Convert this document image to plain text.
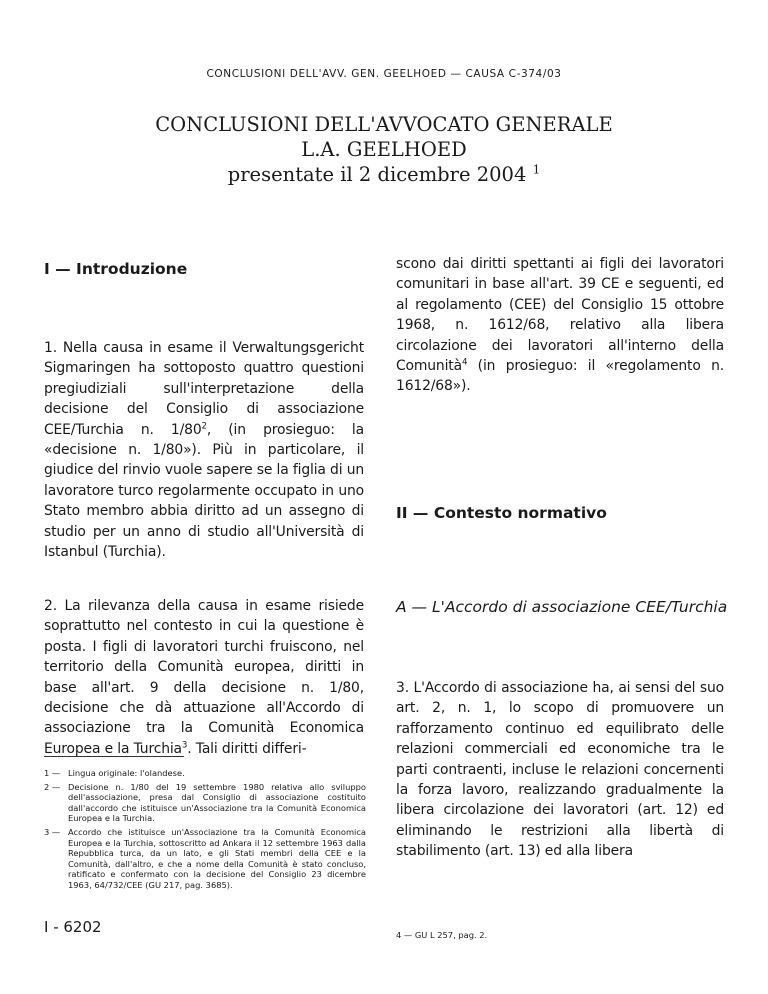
CONCLUSIONI DELL'AVV. GEN. GEELHOED — CAUSA C-374/03
CONCLUSIONI DELL'AVVOCATO GENERALE
L.A. GEELHOED
presentate il 2 dicembre 2004 $^1$
I — Introduzione
1. Nella causa in esame il Verwaltungsgericht Sigmaringen ha sottoposto quattro questioni pregiudiziali sull'interpretazione della decisione del Consiglio di associazione CEE/Turchia n. $1/80^2$, (in prosieguo: la «decisione n. 1/80»). Più in particolare, il giudice del rinvio vuole sapere se la figlia di un lavoratore turco regolarmente occupato in uno Stato membro abbia diritto ad un assegno di studio per un anno di studio all'Università di Istanbul (Turchia).
2. La rilevanza della causa in esame risiede soprattutto nel contesto in cui la questione è posta. I figli di lavoratori turchi fruiscono, nel territorio della Comunità europea, diritti in base all'art. 9 della decisione n. 1/80, decisione che dà attuazione all'Accordo di associazione tra la Comunità Economica Europea e la Turchia$^3$. Tali diritti differi-
scono dai diritti spettanti ai figli dei lavoratori comunitari in base all'art. 39 CE e seguenti, ed al regolamento (CEE) del Consiglio 15 ottobre 1968, n. 1612/68, relativo alla libera circolazione dei lavoratori all'interno della Comunità$^4$ (in prosieguo: il «regolamento n. 1612/68»).
II — Contesto normativo
A — L'Accordo di associazione CEE/Turchia
3. L'Accordo di associazione ha, ai sensi del suo art. 2, n. 1, lo scopo di promuovere un rafforzamento continuo ed equilibrato delle relazioni commerciali ed economiche tra le parti contraenti, incluse le relazioni concernenti la forza lavoro, realizzando gradualmente la libera circolazione dei lavoratori (art. 12) ed eliminando le restrizioni alla libertà di stabilimento (art. 13) ed alla libera
1 — Lingua originale: l'olandese.
2 — Decisione n. 1/80 del 19 settembre 1980 relativa allo sviluppo dell'associazione, presa dal Consiglio di associazione costituito dall'accordo che istituisce un'Associazione tra la Comunità Economica Europea e la Turchia.
3 — Accordo che istituisce un'Associazione tra la Comunità Economica Europea e la Turchia, sottoscritto ad Ankara il 12 settembre 1963 dalla Repubblica turca, da un lato, e gli Stati membri della CEE e la Comunità, dall'altro, e che a nome della Comunità è stato concluso, ratificato e confermato con la decisione del Consiglio 23 dicembre 1963, 64/732/CEE (GU 217, pag. 3685).
4 — GU L 257, pag. 2.
I - 6202
